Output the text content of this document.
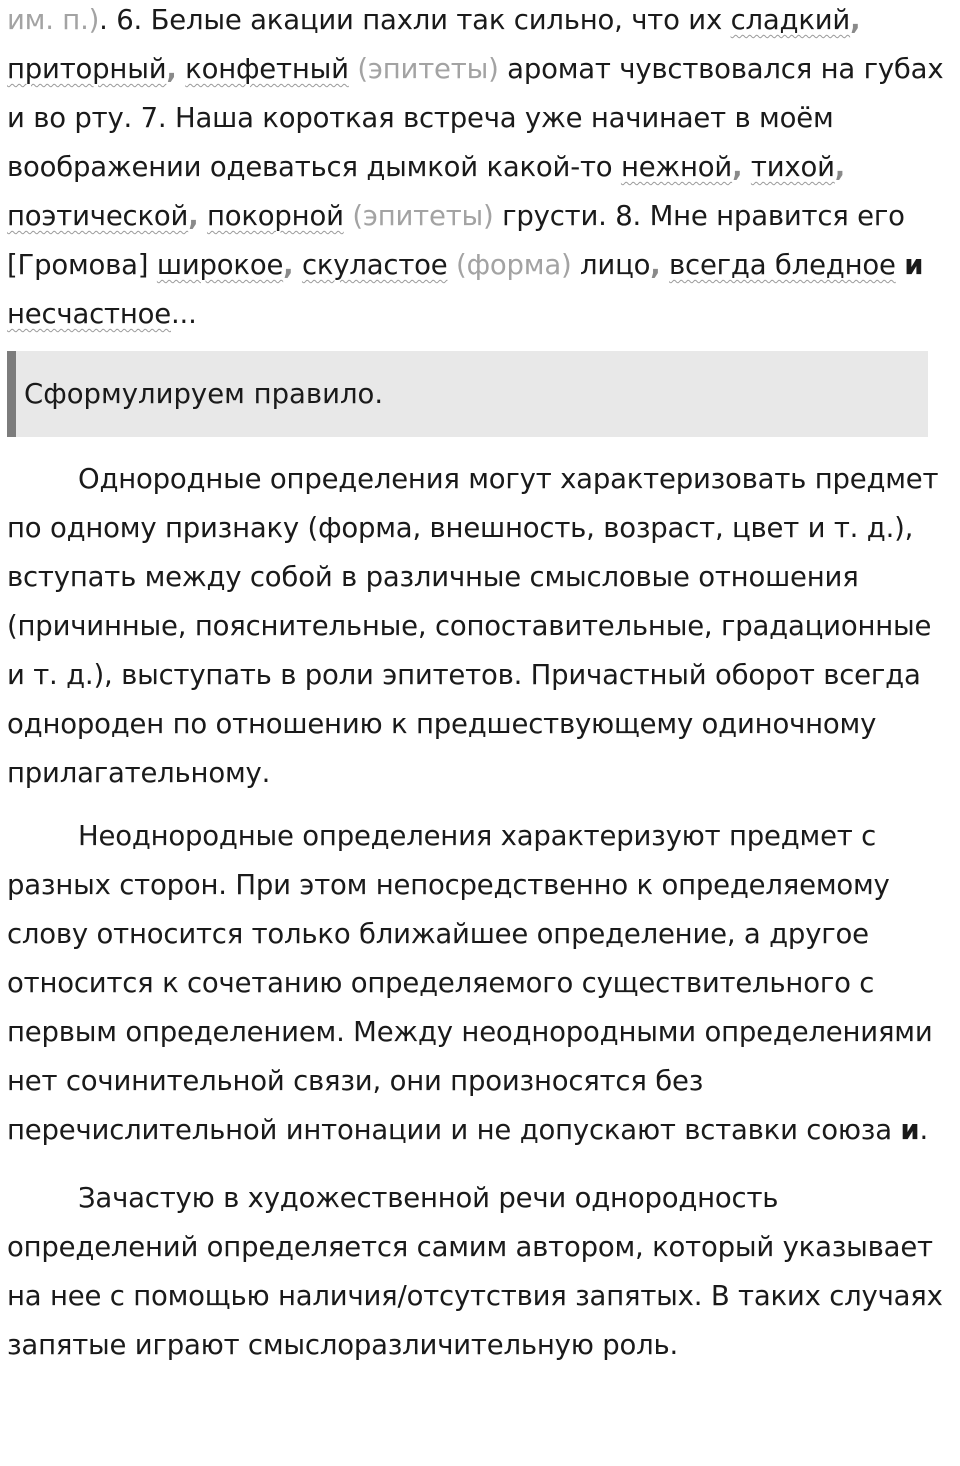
им. п.). 6. Белые акации пахли так сильно, что их сладкий, приторный, конфетный (эпитеты) аромат чувствовался на губах и во рту. 7. Наша короткая встреча уже начинает в моём воображении одеваться дымкой какой-то нежной, тихой, поэтической, покорной (эпитеты) грусти. 8. Мне нравится его [Громова] широкое, скуластое (форма) лицо, всегда бледное и несчастное...

Сформулируем правило.

Однородные определения могут характеризовать предмет по одному признаку (форма, внешность, возраст, цвет и т. д.), вступать между собой в различные смысловые отношения (причинные, пояснительные, сопоставительные, градационные и т. д.), выступать в роли эпитетов. Причастный оборот всегда однороден по отношению к предшествующему одиночному прилагательному.

Неоднородные определения характеризуют предмет с разных сторон. При этом непосредственно к определяемому слову относится только ближайшее определение, а другое относится к сочетанию определяемого существительного с первым определением. Между неоднородными определениями нет сочинительной связи, они произносятся без перечислительной интонации и не допускают вставки союза и.

Зачастую в художественной речи однородность определений определяется самим автором, который указывает на нее с помощью наличия/отсутствия запятых. В таких случаях запятые играют смыслоразличительную роль.
